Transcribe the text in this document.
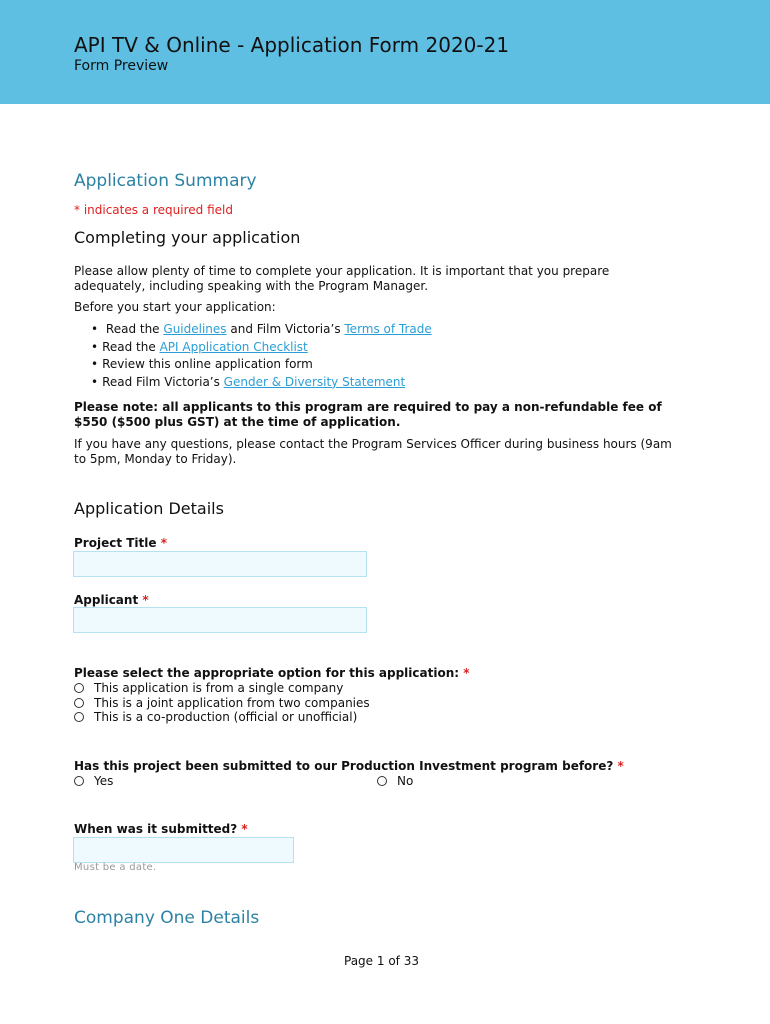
API TV & Online - Application Form 2020-21
Form Preview
Application Summary
* indicates a required field
Completing your application
Please allow plenty of time to complete your application. It is important that you prepare adequately, including speaking with the Program Manager.
Before you start your application:
• Read the Guidelines and Film Victoria’s Terms of Trade
• Read the API Application Checklist
• Review this online application form
• Read Film Victoria’s Gender & Diversity Statement
Please note: all applicants to this program are required to pay a non-refundable fee of $550 ($500 plus GST) at the time of application.
If you have any questions, please contact the Program Services Officer during business hours (9am to 5pm, Monday to Friday).
Application Details
Project Title *
Applicant *
Please select the appropriate option for this application: *
This application is from a single company
This is a joint application from two companies
This is a co-production (official or unofficial)
Has this project been submitted to our Production Investment program before? *
Yes	No
When was it submitted? *
Must be a date.
Company One Details
Page 1 of 33
